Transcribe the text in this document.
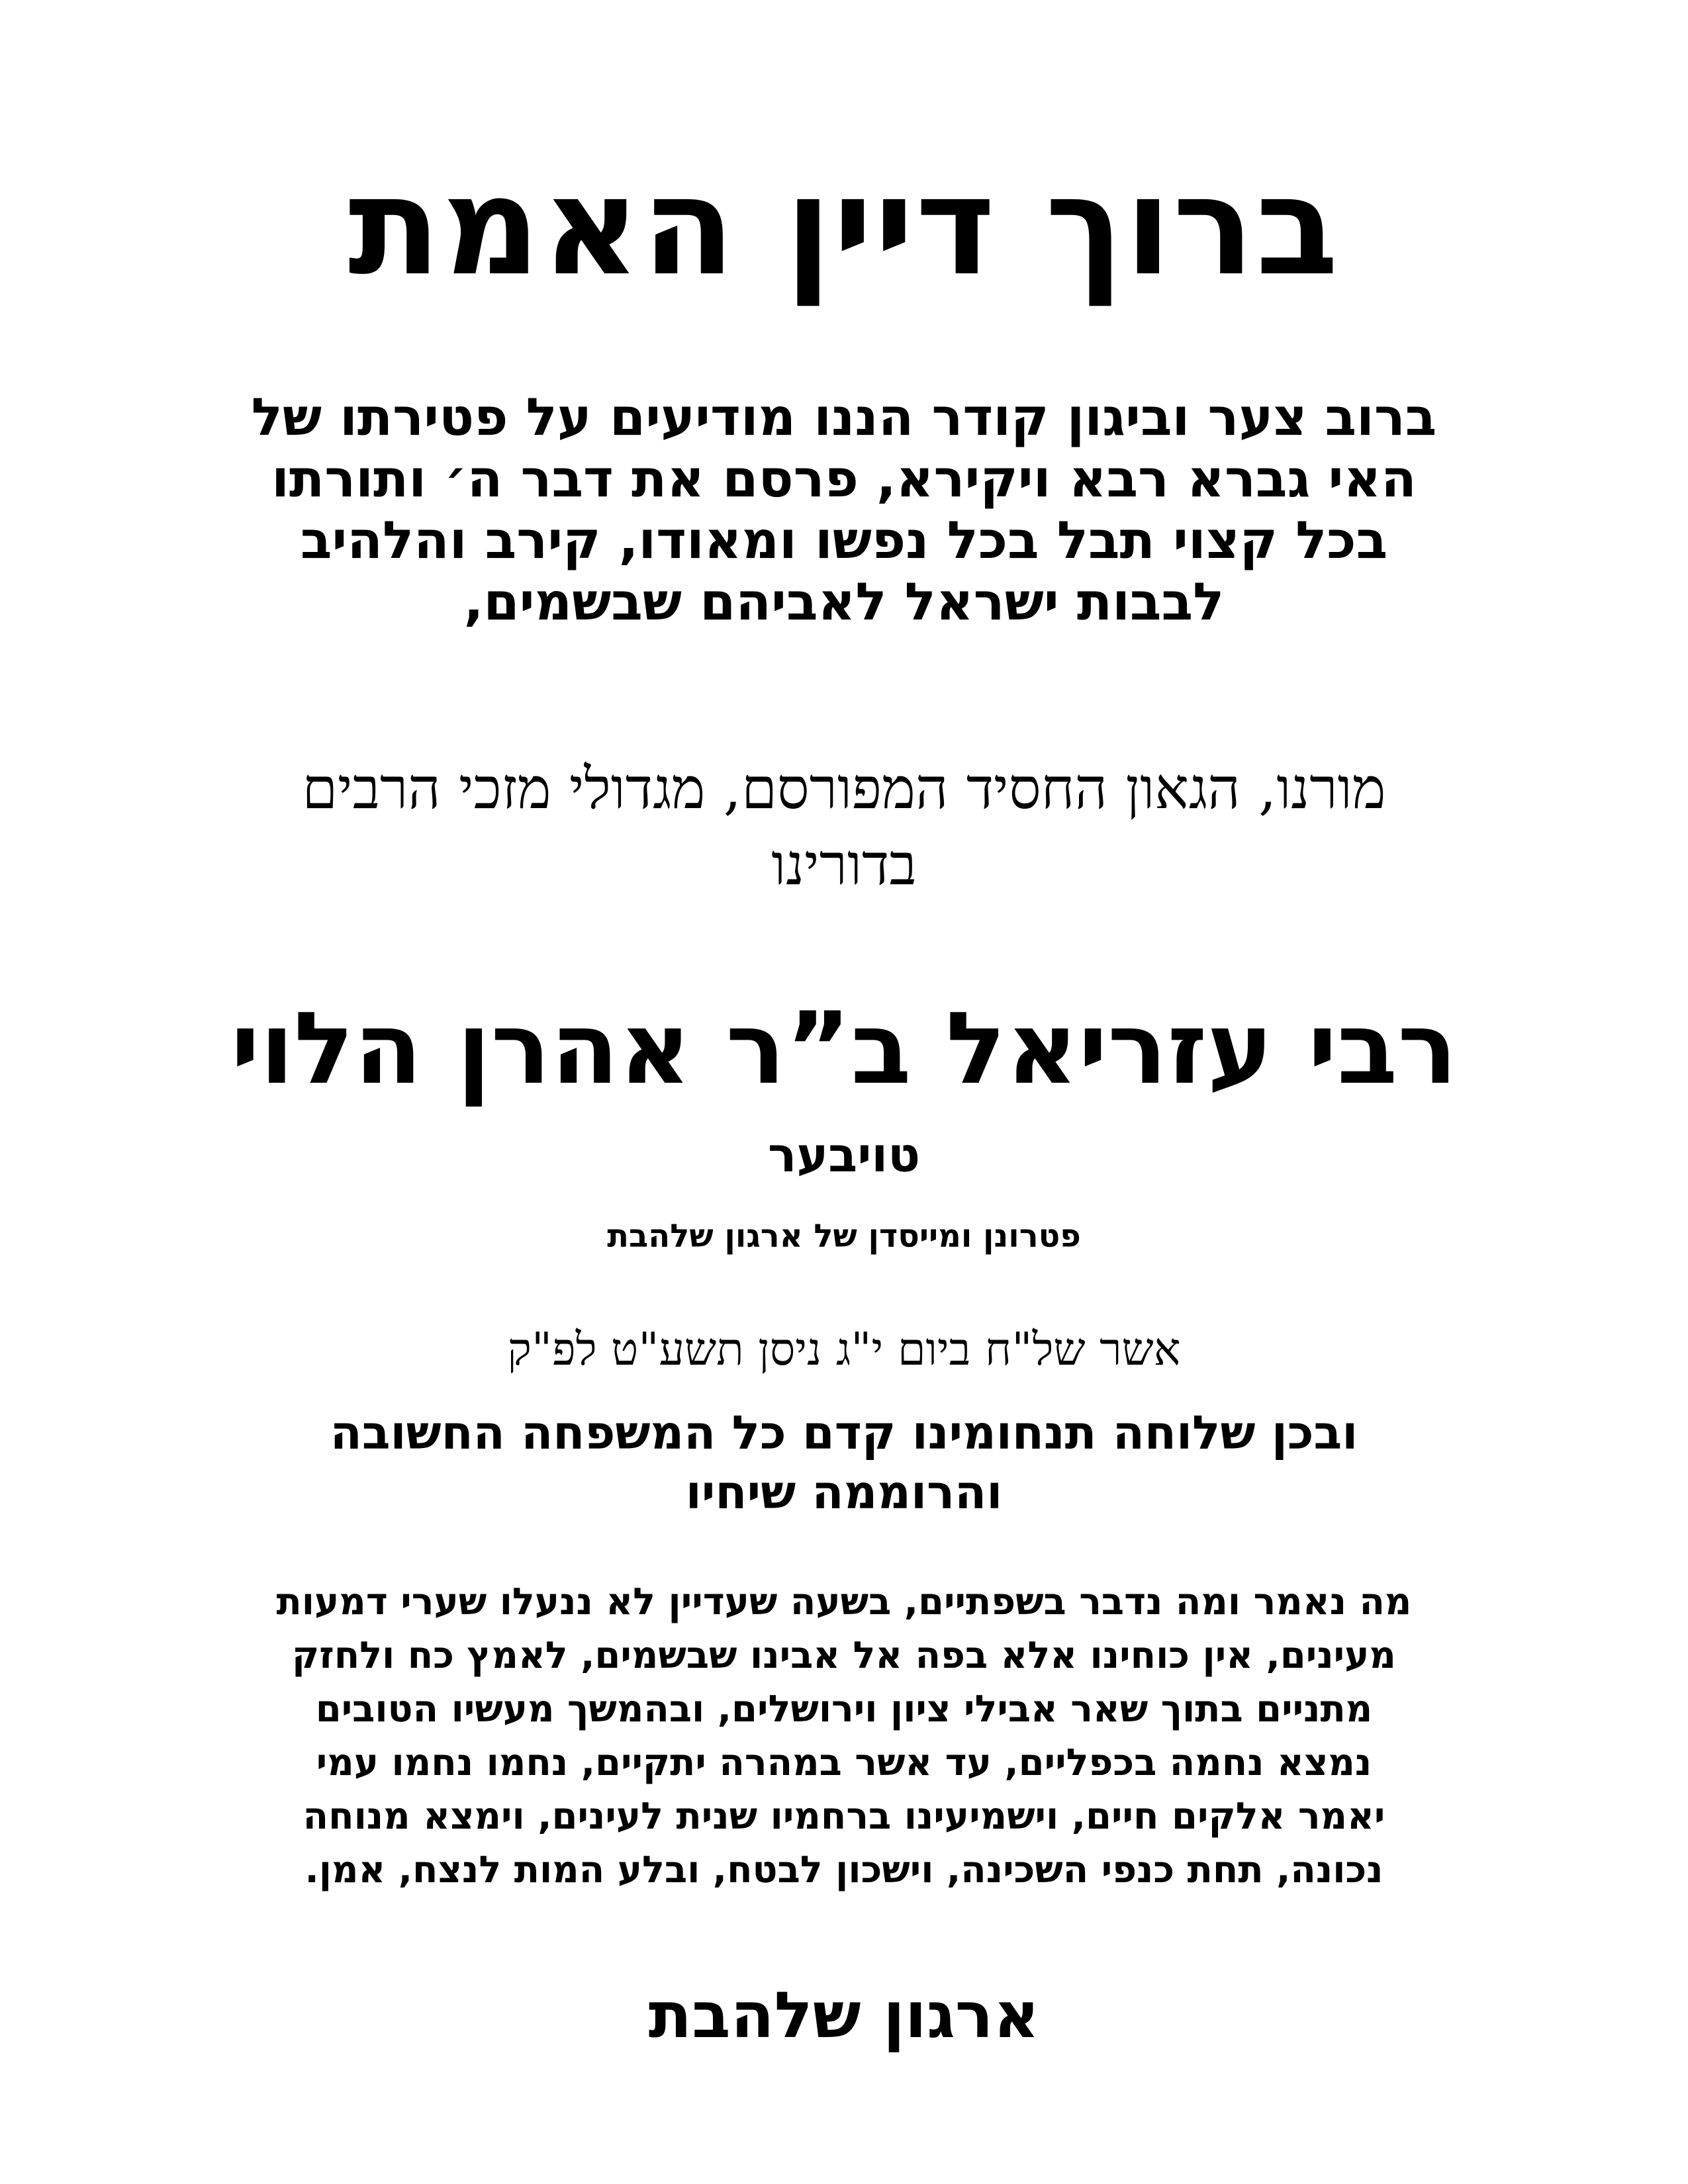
ברוך דיין האמת
ברוב צער וביגון קודר הננו מודיעים על פטירתו של
האי גברא רבא ויקירא, פרסם את דבר ה׳ ותורתו
בכל קצוי תבל בכל נפשו ומאודו, קירב והלהיב
לבבות ישראל לאביהם שבשמים,
מורנו, הגאון החסיד המפורסם, מגדולי מזכי הרבים
בדורינו
רבי עזריאל ב”ר אהרן הלוי
טויבער
פטרונן ומייסדן של ארגון שלהבת
אשר של"ח ביום י"ג ניסן תשע"ט לפ"ק
ובכן שלוחה תנחומינו קדם כל המשפחה החשובה
והרוממה שיחיו
מה נאמר ומה נדבר בשפתיים, בשעה שעדיין לא ננעלו שערי דמעות
מעינים, אין כוחינו אלא בפה אל אבינו שבשמים, לאמץ כח ולחזק
מתניים בתוך שאר אבילי ציון וירושלים, ובהמשך מעשיו הטובים
נמצא נחמה בכפליים, עד אשר במהרה יתקיים, נחמו נחמו עמי
יאמר אלקים חיים, וישמיעינו ברחמיו שנית לעינים, וימצא מנוחה
נכונה, תחת כנפי השכינה, וישכון לבטח, ובלע המות לנצח, אמן.
ארגון שלהבת
